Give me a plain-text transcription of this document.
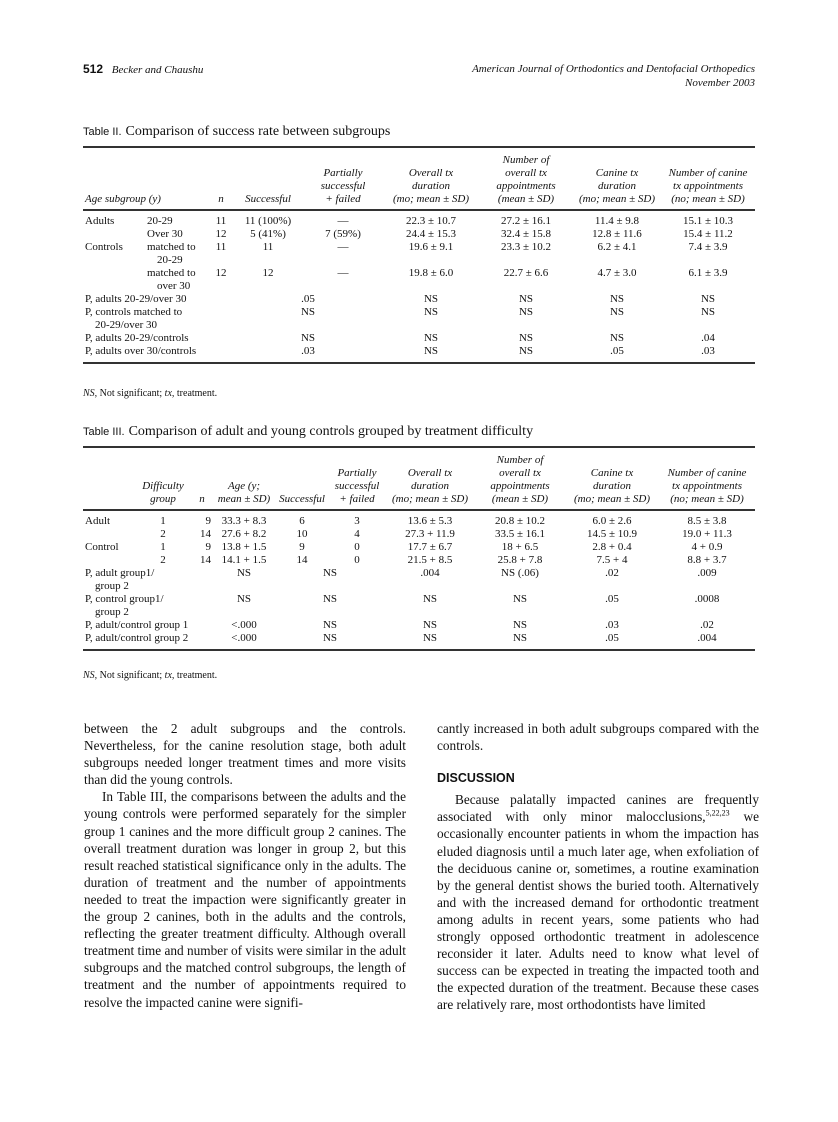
512 Becker and Chaushu	American Journal of Orthodontics and Dentofacial Orthopedics
November 2003
Table II. Comparison of success rate between subgroups
Age subgroup (y)		n	Successful	Partially
successful
+ failed	Overall tx
duration
(mo; mean ± SD)	Number of
overall tx
appointments
(mean ± SD)	Canine tx
duration
(mo; mean ± SD)	Number of canine
tx appointments
(no; mean ± SD)

Adults	20-29	11	11 (100%)	—	22.3 ± 10.7	27.2 ± 16.1	11.4 ± 9.8	15.1 ± 10.3
	Over 30	12	5 (41%)	7 (59%)	24.4 ± 15.3	32.4 ± 15.8	12.8 ± 11.6	15.4 ± 11.2
Controls	matched to
20-29	11	11	—	19.6 ± 9.1	23.3 ± 10.2	6.2 ± 4.1	7.4 ± 3.9
	matched to
over 30	12	12	—	19.8 ± 6.0	22.7 ± 6.6	4.7 ± 3.0	6.1 ± 3.9
P, adults 20-29/over 30			.05		NS	NS	NS	NS
P, controls matched to
20-29/over 30			NS		NS	NS	NS	NS
P, adults 20-29/controls			NS		NS	NS	NS	.04
P, adults over 30/controls			.03		NS	NS	.05	.03
NS, Not significant; tx, treatment.
Table III. Comparison of adult and young controls grouped by treatment difficulty
	Difficulty
group	n	Age (y;
mean ± SD)	Successful	Partially
successful
+ failed	Overall tx
duration
(mo; mean ± SD)	Number of
overall tx
appointments
(mean ± SD)	Canine tx
duration
(mo; mean ± SD)	Number of canine
tx appointments
(no; mean ± SD)

Adult	1	9	33.3 + 8.3	6	3	13.6 ± 5.3	20.8 ± 10.2	6.0 ± 2.6	8.5 ± 3.8
	2	14	27.6 + 8.2	10	4	27.3 + 11.9	33.5 ± 16.1	14.5 ± 10.9	19.0 + 11.3
Control	1	9	13.8 + 1.5	9	0	17.7 ± 6.7	18 + 6.5	2.8 + 0.4	4 + 0.9
	2	14	14.1 + 1.5	14	0	21.5 + 8.5	25.8 + 7.8	7.5 + 4	8.8 + 3.7
P, adult group1/
group 2			NS	NS		.004	NS (.06)	.02	.009
P, control group1/
group 2			NS	NS		NS	NS	.05	.0008
P, adult/control group 1			<.000	NS		NS	NS	.03	.02
P, adult/control group 2			<.000	NS		NS	NS	.05	.004
NS, Not significant; tx, treatment.

between the 2 adult subgroups and the controls. Nevertheless, for the canine resolution stage, both adult subgroups needed longer treatment times and more visits than did the young controls.

In Table III, the comparisons between the adults and the young controls were performed separately for the simpler group 1 canines and the more difficult group 2 canines. The overall treatment duration was longer in group 2, but this result reached statistical significance only in the adults. The duration of treatment and the number of appointments needed to treat the impaction were significantly greater in the group 2 canines, both in the adults and the controls, reflecting the greater treatment difficulty. Although overall treatment time and number of visits were similar in the adult subgroups and the matched control subgroups, the length of treatment and the number of appointments required to resolve the impacted canine were signifi-

cantly increased in both adult subgroups compared with the controls.

DISCUSSION

Because palatally impacted canines are frequently associated with only minor malocclusions,$^{5,22,23}$ we occasionally encounter patients in whom the impaction has eluded diagnosis until a much later age, when exfoliation of the deciduous canine or, sometimes, a routine examination by the general dentist shows the buried tooth. Alternatively and with the increased demand for orthodontic treatment among adults in recent years, some patients who had strongly opposed orthodontic treatment in adolescence reconsider it later. Adults need to know what level of success can be expected in treating the impacted tooth and the expected duration of the treatment. Because these cases are relatively rare, most orthodontists have limited
